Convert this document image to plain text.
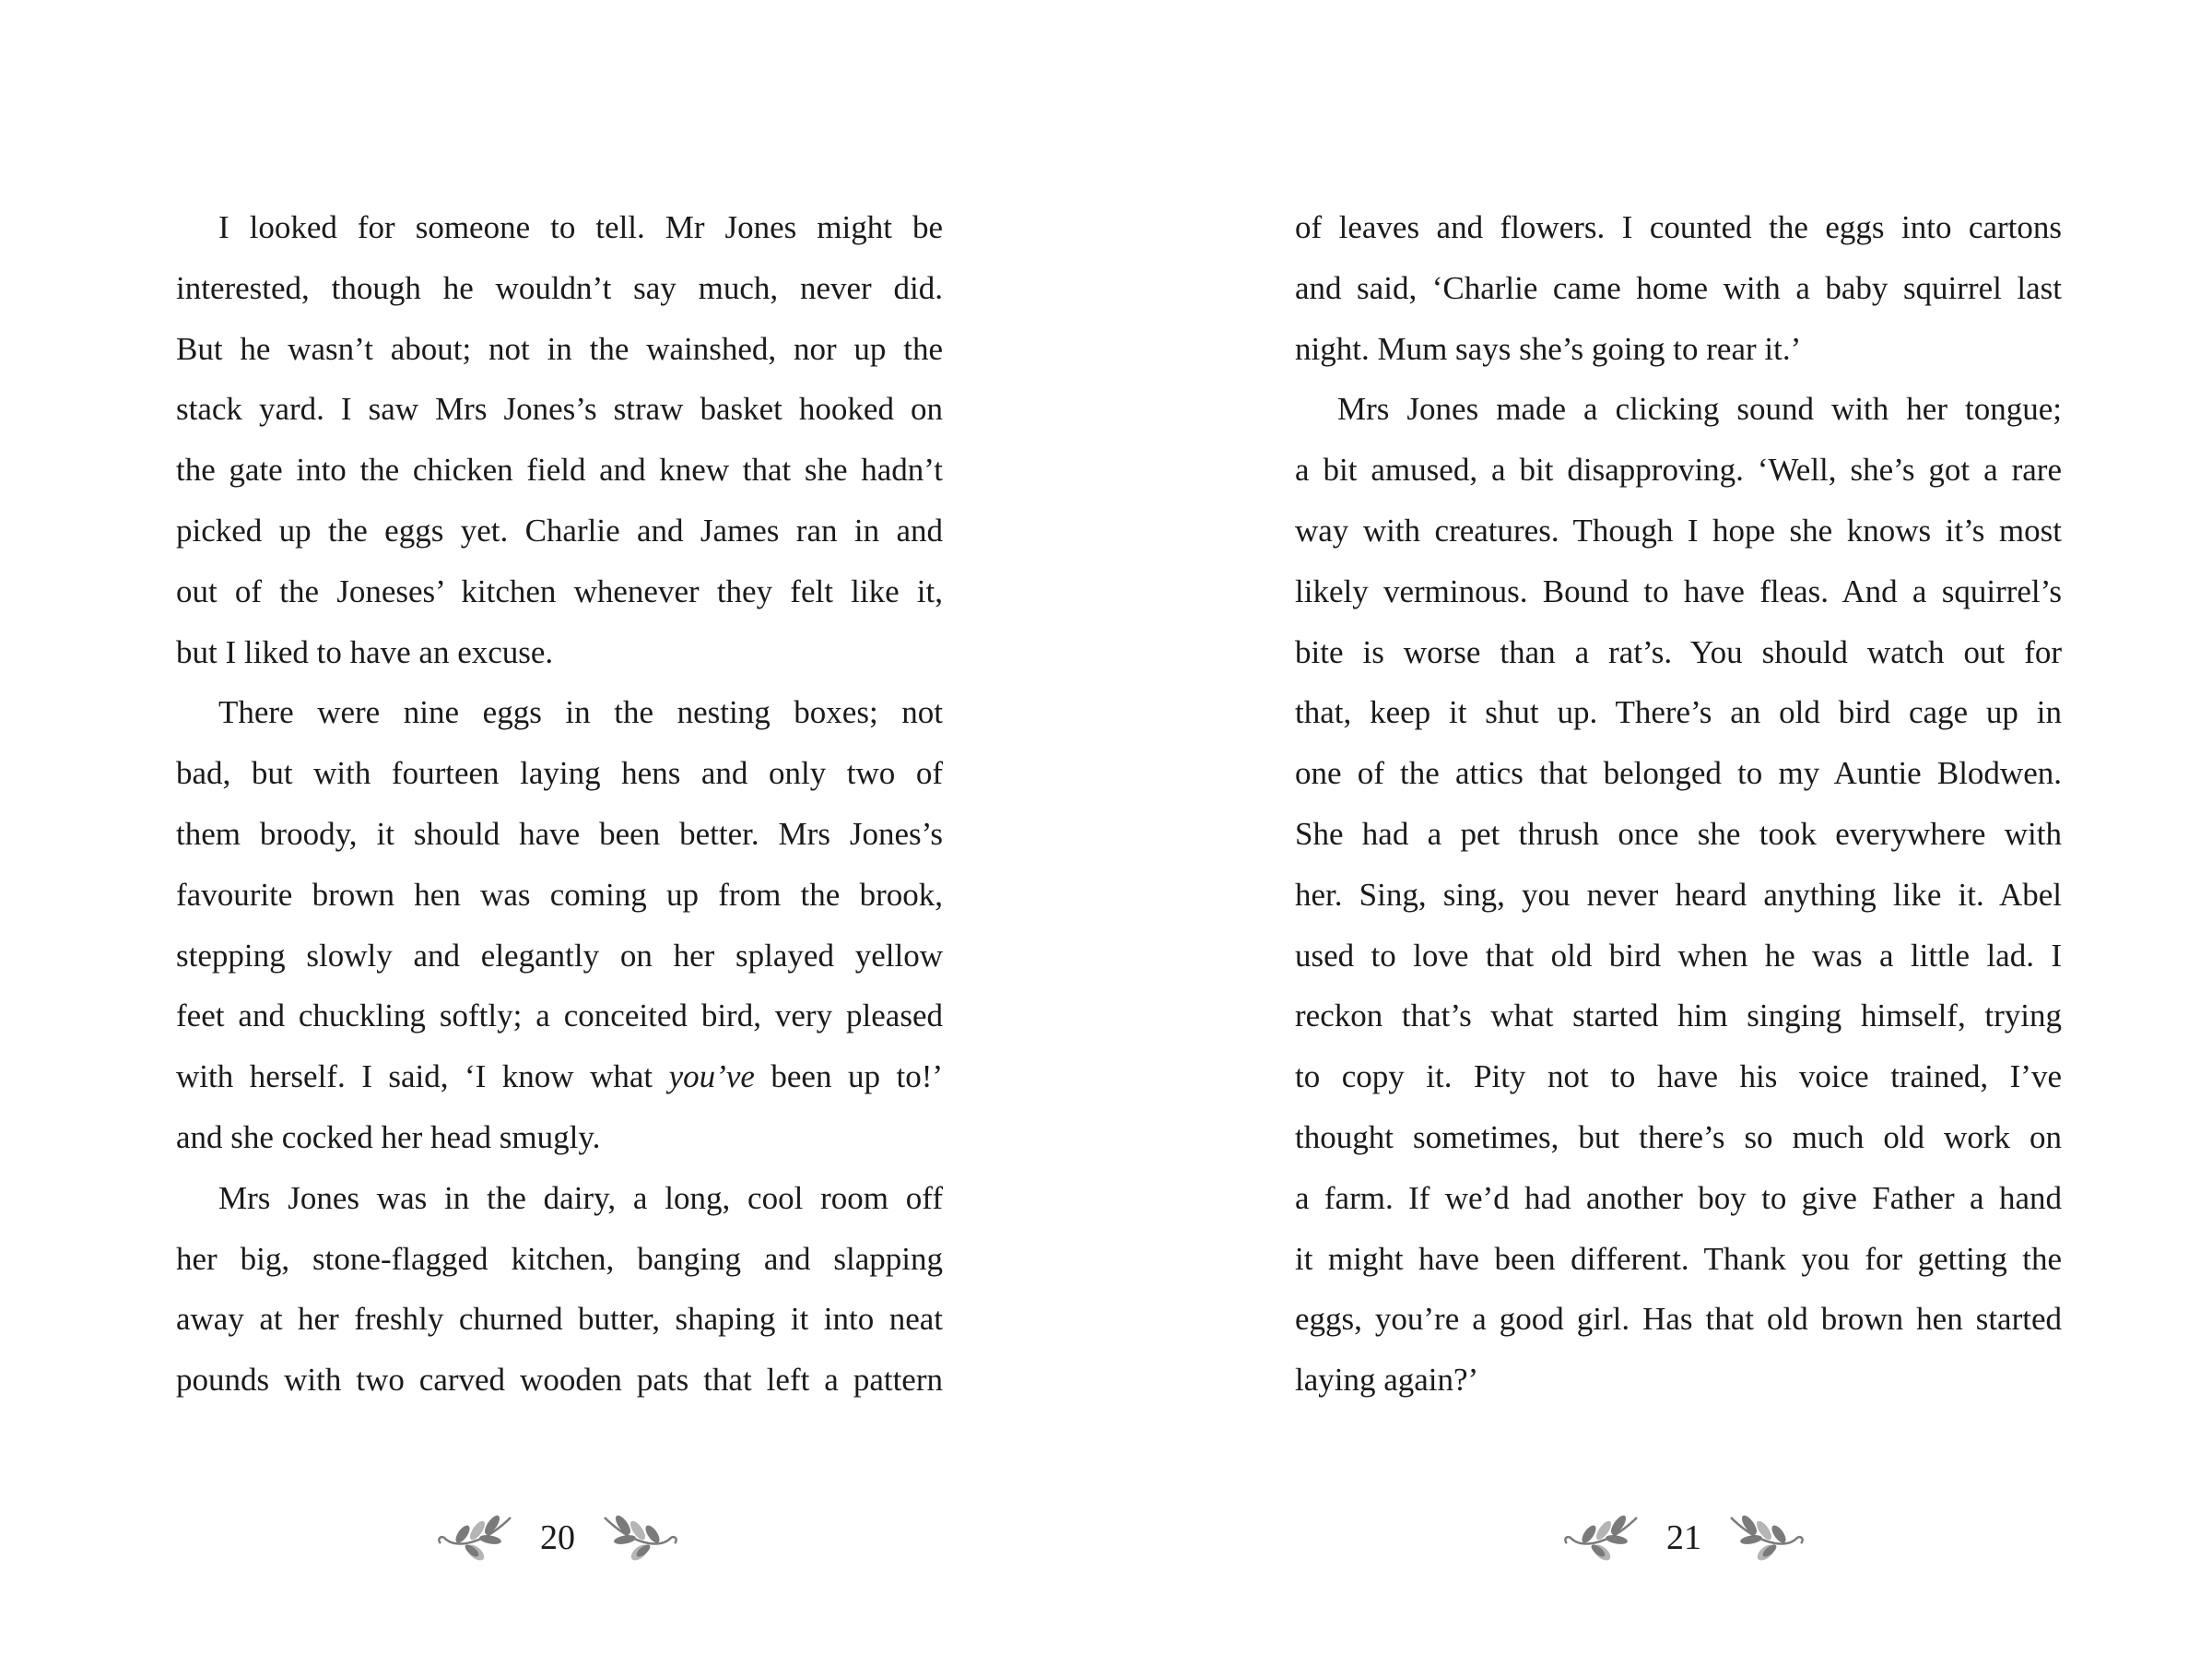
I looked for someone to tell. Mr Jones might be
interested, though he wouldn’t say much, never did.
But he wasn’t about; not in the wainshed, nor up the
stack yard. I saw Mrs Jones’s straw basket hooked on
the gate into the chicken field and knew that she hadn’t
picked up the eggs yet. Charlie and James ran in and
out of the Joneses’ kitchen whenever they felt like it,
but I liked to have an excuse.
There were nine eggs in the nesting boxes; not
bad, but with fourteen laying hens and only two of
them broody, it should have been better. Mrs Jones’s
favourite brown hen was coming up from the brook,
stepping slowly and elegantly on her splayed yellow
feet and chuckling softly; a conceited bird, very pleased
with herself. I said, ‘I know what you’ve been up to!’
and she cocked her head smugly.
Mrs Jones was in the dairy, a long, cool room off
her big, stone-flagged kitchen, banging and slapping
away at her freshly churned butter, shaping it into neat
pounds with two carved wooden pats that left a pattern
20
of leaves and flowers. I counted the eggs into cartons
and said, ‘Charlie came home with a baby squirrel last
night. Mum says she’s going to rear it.’
Mrs Jones made a clicking sound with her tongue;
a bit amused, a bit disapproving. ‘Well, she’s got a rare
way with creatures. Though I hope she knows it’s most
likely verminous. Bound to have fleas. And a squirrel’s
bite is worse than a rat’s. You should watch out for
that, keep it shut up. There’s an old bird cage up in
one of the attics that belonged to my Auntie Blodwen.
She had a pet thrush once she took everywhere with
her. Sing, sing, you never heard anything like it. Abel
used to love that old bird when he was a little lad. I
reckon that’s what started him singing himself, trying
to copy it. Pity not to have his voice trained, I’ve
thought sometimes, but there’s so much old work on
a farm. If we’d had another boy to give Father a hand
it might have been different. Thank you for getting the
eggs, you’re a good girl. Has that old brown hen started
laying again?’
21
